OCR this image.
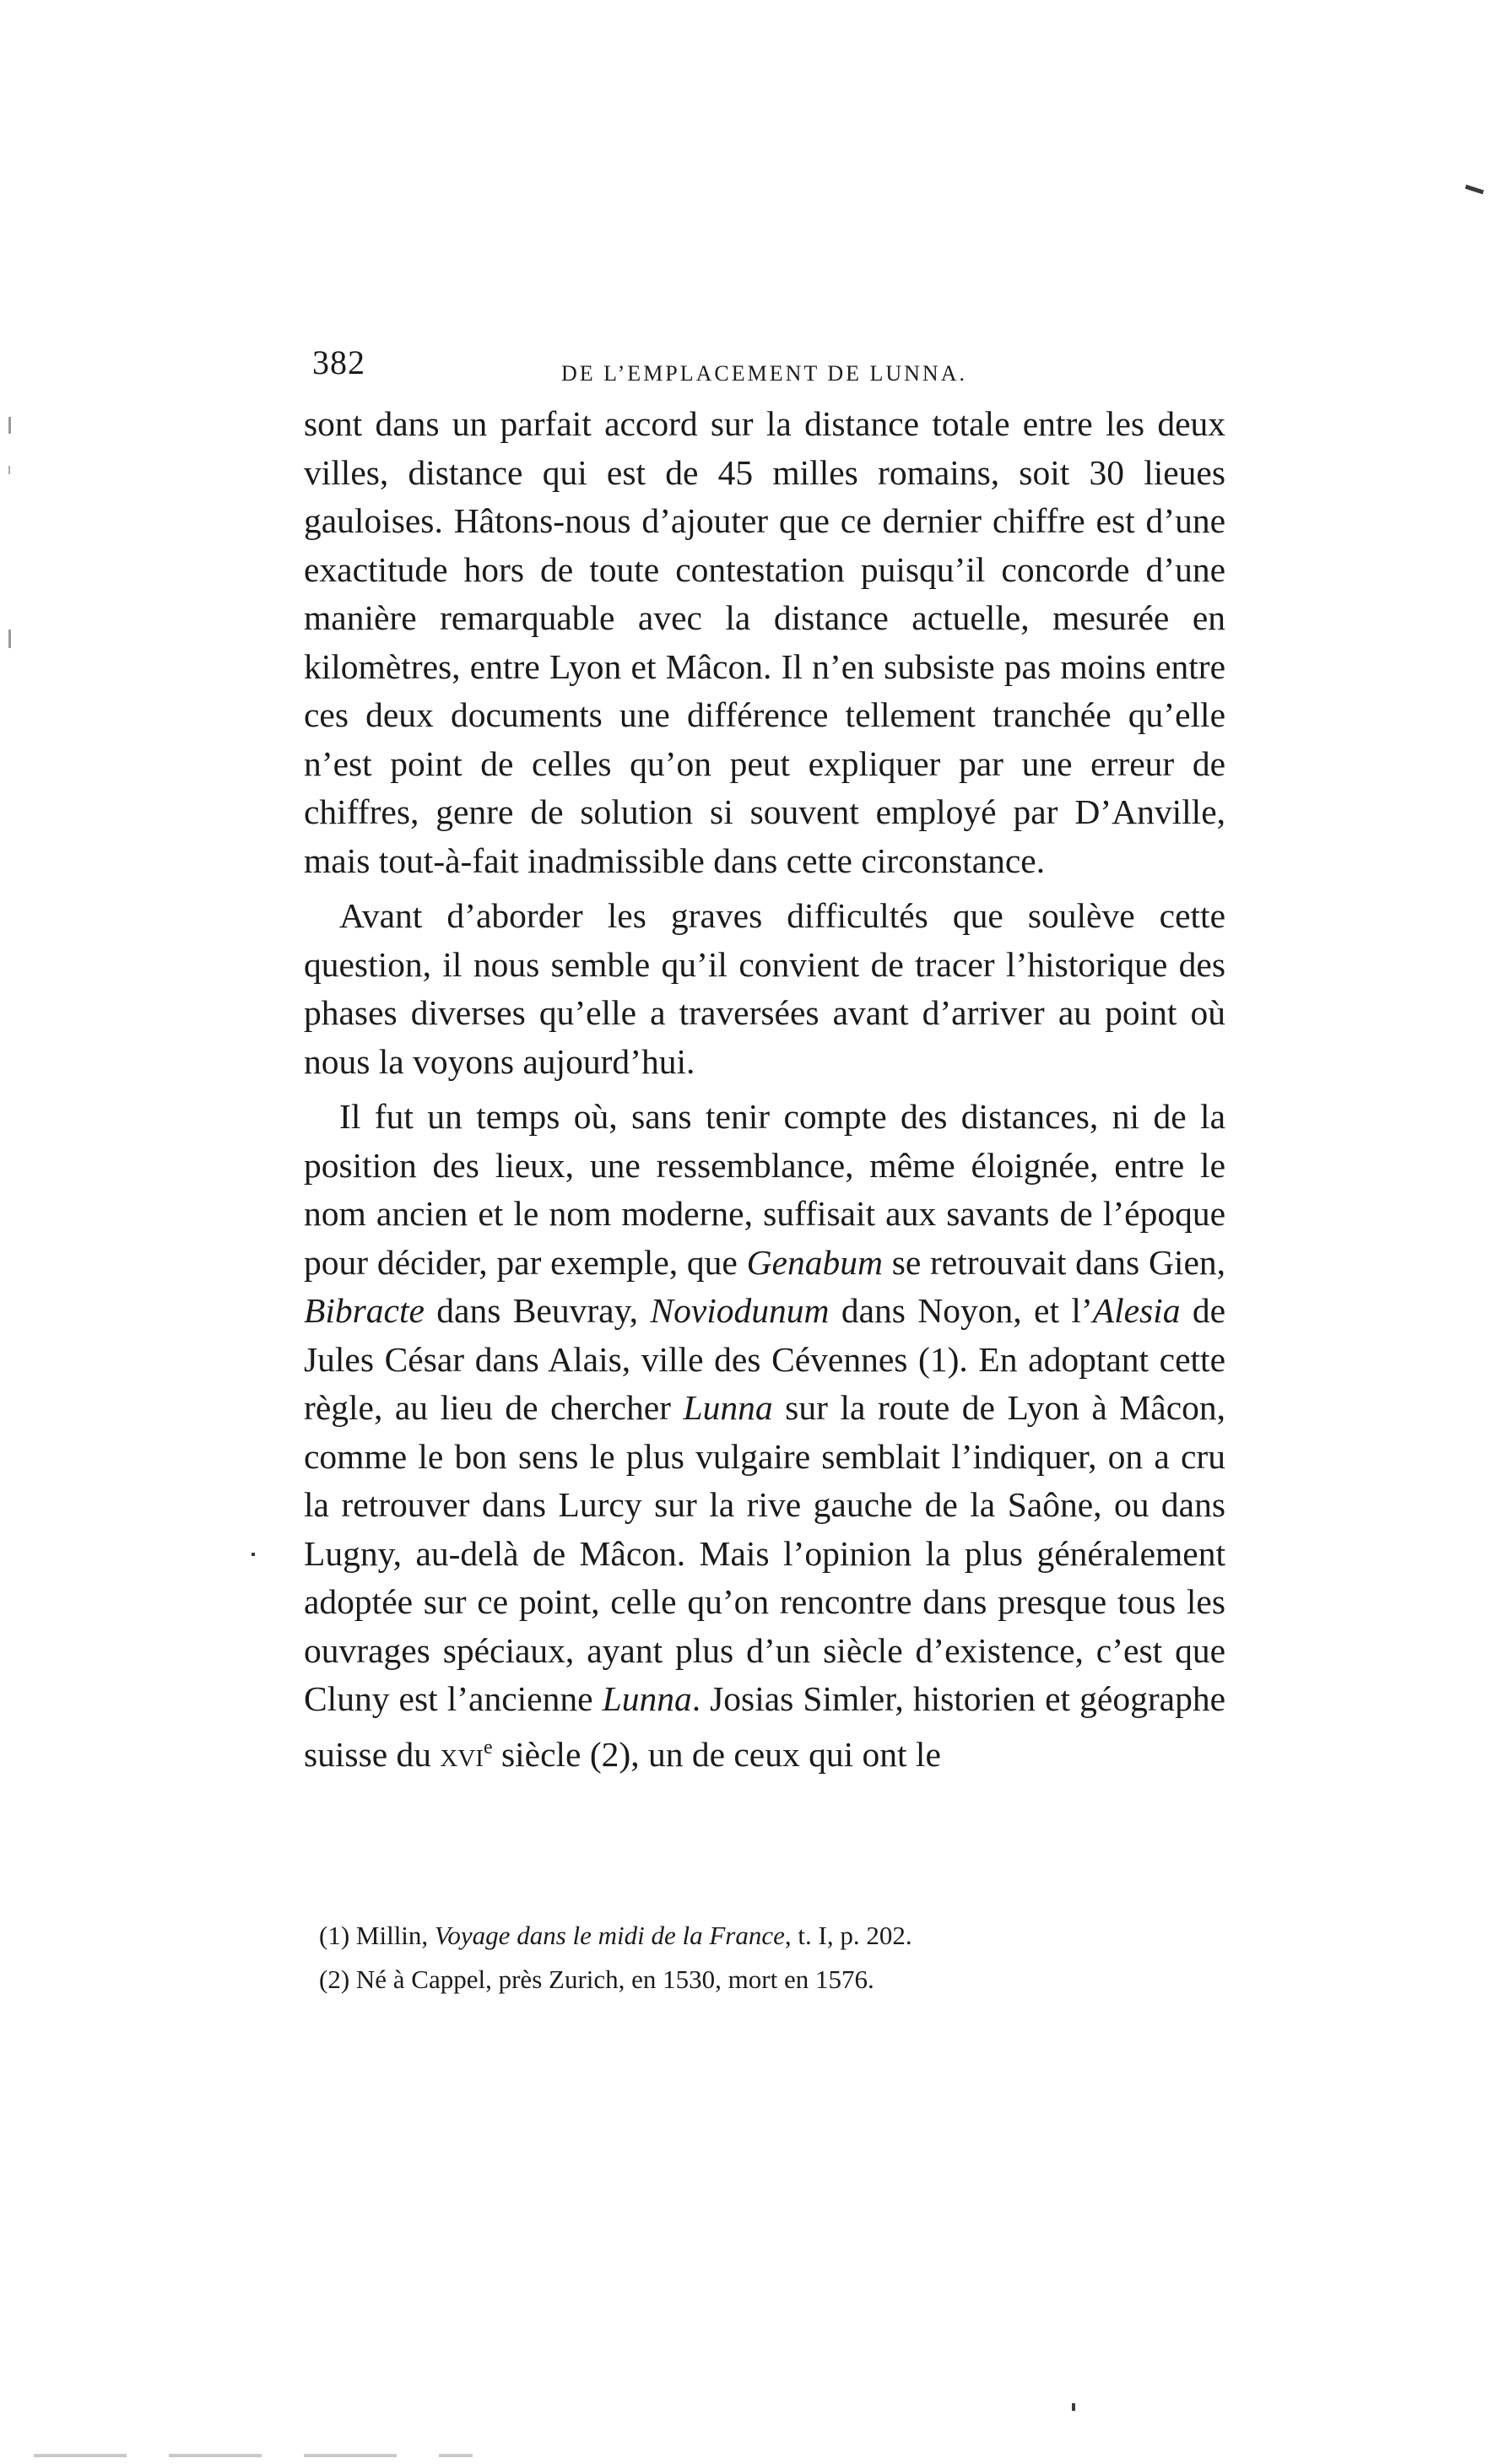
382	DE L’EMPLACEMENT DE LUNNA.

sont dans un parfait accord sur la distance totale entre les deux villes, distance qui est de 45 milles romains, soit 30 lieues gauloises. Hâtons-nous d’ajouter que ce dernier chiffre est d’une exactitude hors de toute contestation puisqu’il concorde d’une manière remarquable avec la distance actuelle, mesurée en kilomètres, entre Lyon et Mâcon. Il n’en subsiste pas moins entre ces deux documents une différence tellement tranchée qu’elle n’est point de celles qu’on peut expliquer par une erreur de chiffres, genre de solution si souvent employé par D’Anville, mais tout-à-fait inadmissible dans cette circonstance.

Avant d’aborder les graves difficultés que soulève cette question, il nous semble qu’il convient de tracer l’historique des phases diverses qu’elle a traversées avant d’arriver au point où nous la voyons aujourd’hui.

Il fut un temps où, sans tenir compte des distances, ni de la position des lieux, une ressemblance, même éloignée, entre le nom ancien et le nom moderne, suffisait aux savants de l’époque pour décider, par exemple, que Genabum se retrouvait dans Gien, Bibracte dans Beuvray, Noviodunum dans Noyon, et l’Alesia de Jules César dans Alais, ville des Cévennes (1). En adoptant cette règle, au lieu de chercher Lunna sur la route de Lyon à Mâcon, comme le bon sens le plus vulgaire semblait l’indiquer, on a cru la retrouver dans Lurcy sur la rive gauche de la Saône, ou dans Lugny, au-delà de Mâcon. Mais l’opinion la plus généralement adoptée sur ce point, celle qu’on rencontre dans presque tous les ouvrages spéciaux, ayant plus d’un siècle d’existence, c’est que Cluny est l’ancienne Lunna. Josias Simler, historien et géographe suisse du xvi$^e$ siècle (2), un de ceux qui ont le

(1) Millin, Voyage dans le midi de la France, t. I, p. 202.

(2) Né à Cappel, près Zurich, en 1530, mort en 1576.
